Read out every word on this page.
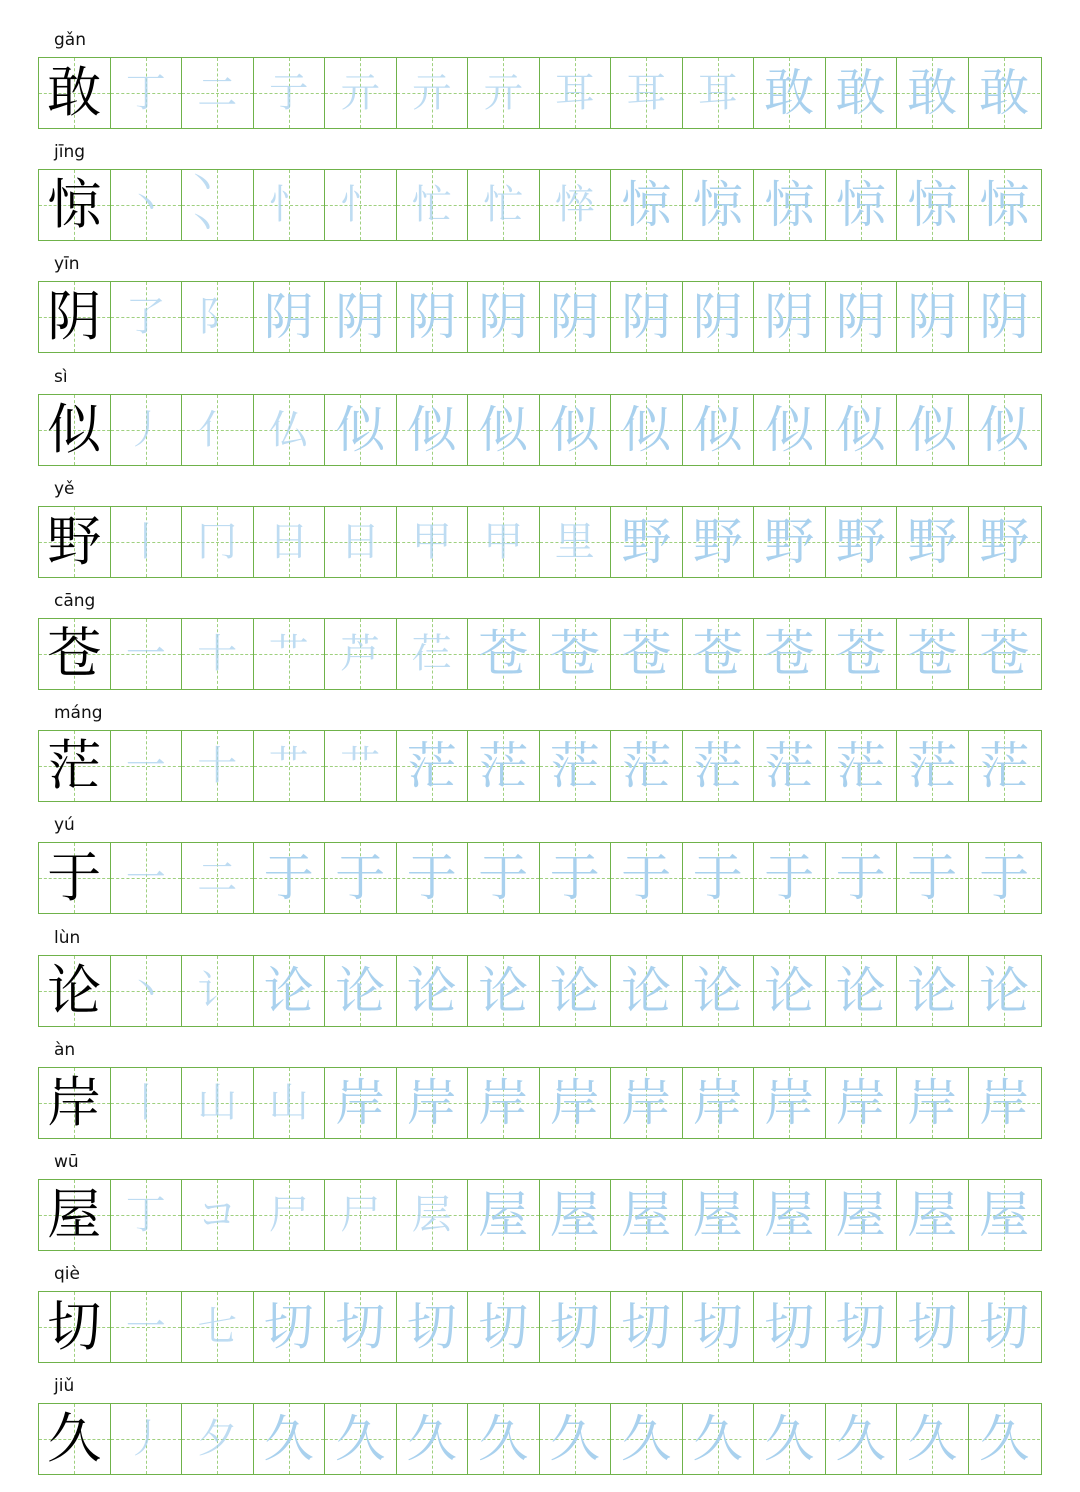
gǎn
敢 丁 二 亍 亓 亓 亓 耳 耳 耳 敢 敢 敢 敢
jīng
惊 丶 丶丶	忄 忄 忙 忙 悴 惊 惊 惊 惊 惊 惊
yīn
阴 了 阝 阴 阴 阴 阴 阴 阴 阴 阴 阴 阴 阴
sì
似 丿 亻 仏 似 似 似 似 似 似 似 似 似 似
yě
野 丨 冂 日 日 甲 甲 里 野 野 野 野 野 野
cāng
苍 一 十 艹 芦 芢 苍 苍 苍 苍 苍 苍 苍 苍
máng
茫 一 十 艹 艹 茫 茫 茫 茫 茫 茫 茫 茫 茫
yú
于 一 二 于 于 于 于 于 于 于 于 于 于 于
lùn
论 丶 讠 论 论 论 论 论 论 论 论 论 论 论
àn
岸 丨 山 山 岸 岸 岸 岸 岸 岸 岸 岸 岸 岸
wū
屋 丁 コ 尸 尸 层 屋 屋 屋 屋 屋 屋 屋 屋
qiè
切 一 七 切 切 切 切 切 切 切 切 切 切 切
jiǔ
久 丿 夕 久 久 久 久 久 久 久 久 久 久 久
